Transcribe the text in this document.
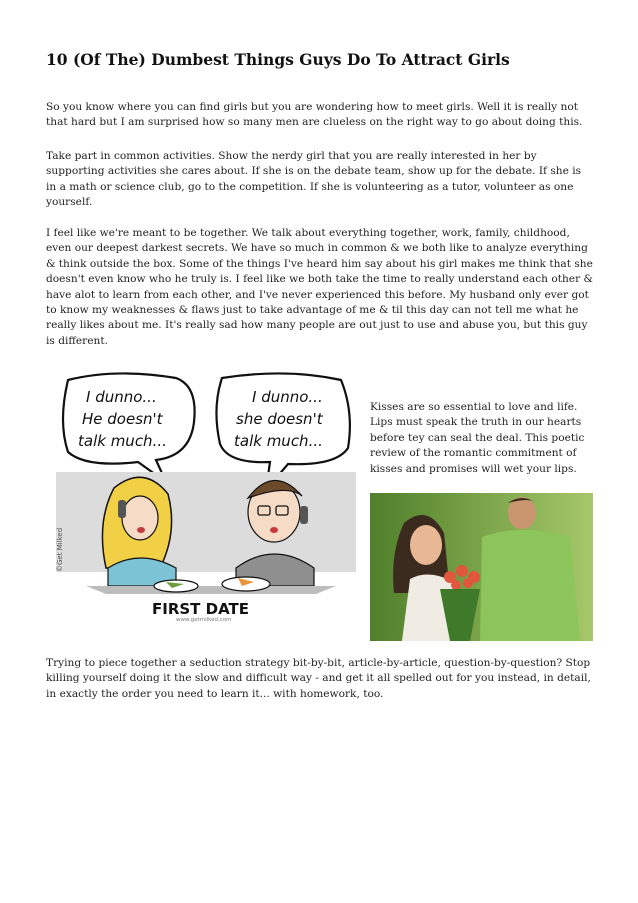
10 (Of The) Dumbest Things Guys Do To Attract Girls

So you know where you can find girls but you are wondering how to meet girls. Well it is really not that hard but I am surprised how so many men are clueless on the right way to go about doing this.

Take part in common activities. Show the nerdy girl that you are really interested in her by supporting activities she cares about. If she is on the debate team, show up for the debate. If she is in a math or science club, go to the competition. If she is volunteering as a tutor, volunteer as one yourself.

I feel like we're meant to be together. We talk about everything together, work, family, childhood, even our deepest darkest secrets. We have so much in common & we both like to analyze everything & think outside the box. Some of the things I've heard him say about his girl makes me think that she doesn't even know who he truly is. I feel like we both take the time to really understand each other & have alot to learn from each other, and I've never experienced this before. My husband only ever got to know my weaknesses & flaws just to take advantage of me & til this day can not tell me what he really likes about me. It's really sad how many people are out just to use and abuse you, but this guy is different.

I dunno...
He doesn't
talk much...
I dunno...
she doesn't
talk much...
©Get Milked
FIRST DATE
www.getmilked.com

Kisses are so essential to love and life. Lips must speak the truth in our hearts before tey can seal the deal. This poetic review of the romantic commitment of kisses and promises will wet your lips.

Trying to piece together a seduction strategy bit-by-bit, article-by-article, question-by-question? Stop killing yourself doing it the slow and difficult way - and get it all spelled out for you instead, in detail, in exactly the order you need to learn it... with homework, too.
